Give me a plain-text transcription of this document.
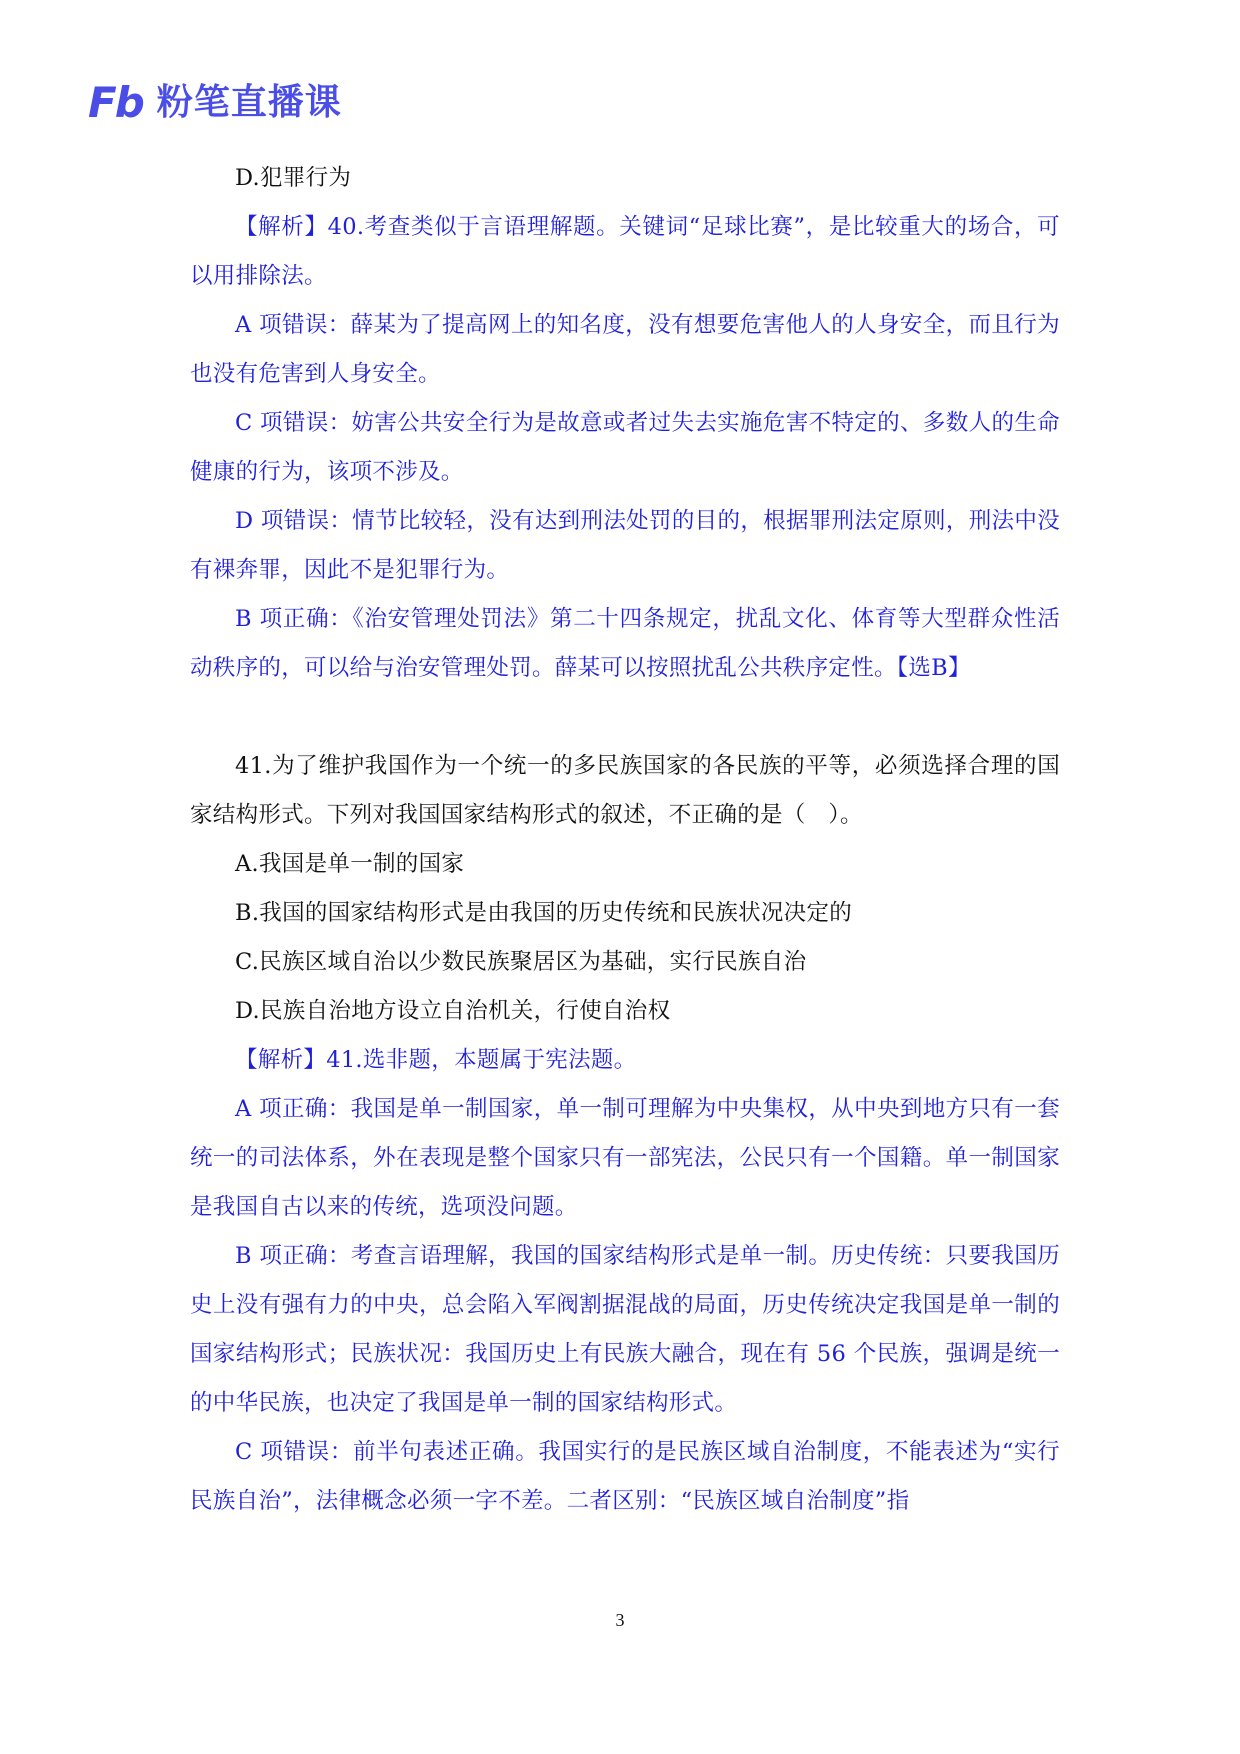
Fb 粉笔直播课

D.犯罪行为

【解析】40.考查类似于言语理解题。关键词“足球比赛”，是比较重大的场合，可以用排除法。

A 项错误：薛某为了提高网上的知名度，没有想要危害他人的人身安全，而且行为也没有危害到人身安全。

C 项错误：妨害公共安全行为是故意或者过失去实施危害不特定的、多数人的生命健康的行为，该项不涉及。

D 项错误：情节比较轻，没有达到刑法处罚的目的，根据罪刑法定原则，刑法中没有裸奔罪，因此不是犯罪行为。

B 项正确：《治安管理处罚法》第二十四条规定，扰乱文化、体育等大型群众性活动秩序的，可以给与治安管理处罚。薛某可以按照扰乱公共秩序定性。【选B】

41.为了维护我国作为一个统一的多民族国家的各民族的平等，必须选择合理的国家结构形式。下列对我国国家结构形式的叙述，不正确的是（　）。

A.我国是单一制的国家

B.我国的国家结构形式是由我国的历史传统和民族状况决定的

C.民族区域自治以少数民族聚居区为基础，实行民族自治

D.民族自治地方设立自治机关，行使自治权

【解析】41.选非题，本题属于宪法题。

A 项正确：我国是单一制国家，单一制可理解为中央集权，从中央到地方只有一套统一的司法体系，外在表现是整个国家只有一部宪法，公民只有一个国籍。单一制国家是我国自古以来的传统，选项没问题。

B 项正确：考查言语理解，我国的国家结构形式是单一制。历史传统：只要我国历史上没有强有力的中央，总会陷入军阀割据混战的局面，历史传统决定我国是单一制的国家结构形式；民族状况：我国历史上有民族大融合，现在有 56 个民族，强调是统一的中华民族，也决定了我国是单一制的国家结构形式。

C 项错误：前半句表述正确。我国实行的是民族区域自治制度，不能表述为“实行民族自治”，法律概念必须一字不差。二者区别：“民族区域自治制度”指

3
